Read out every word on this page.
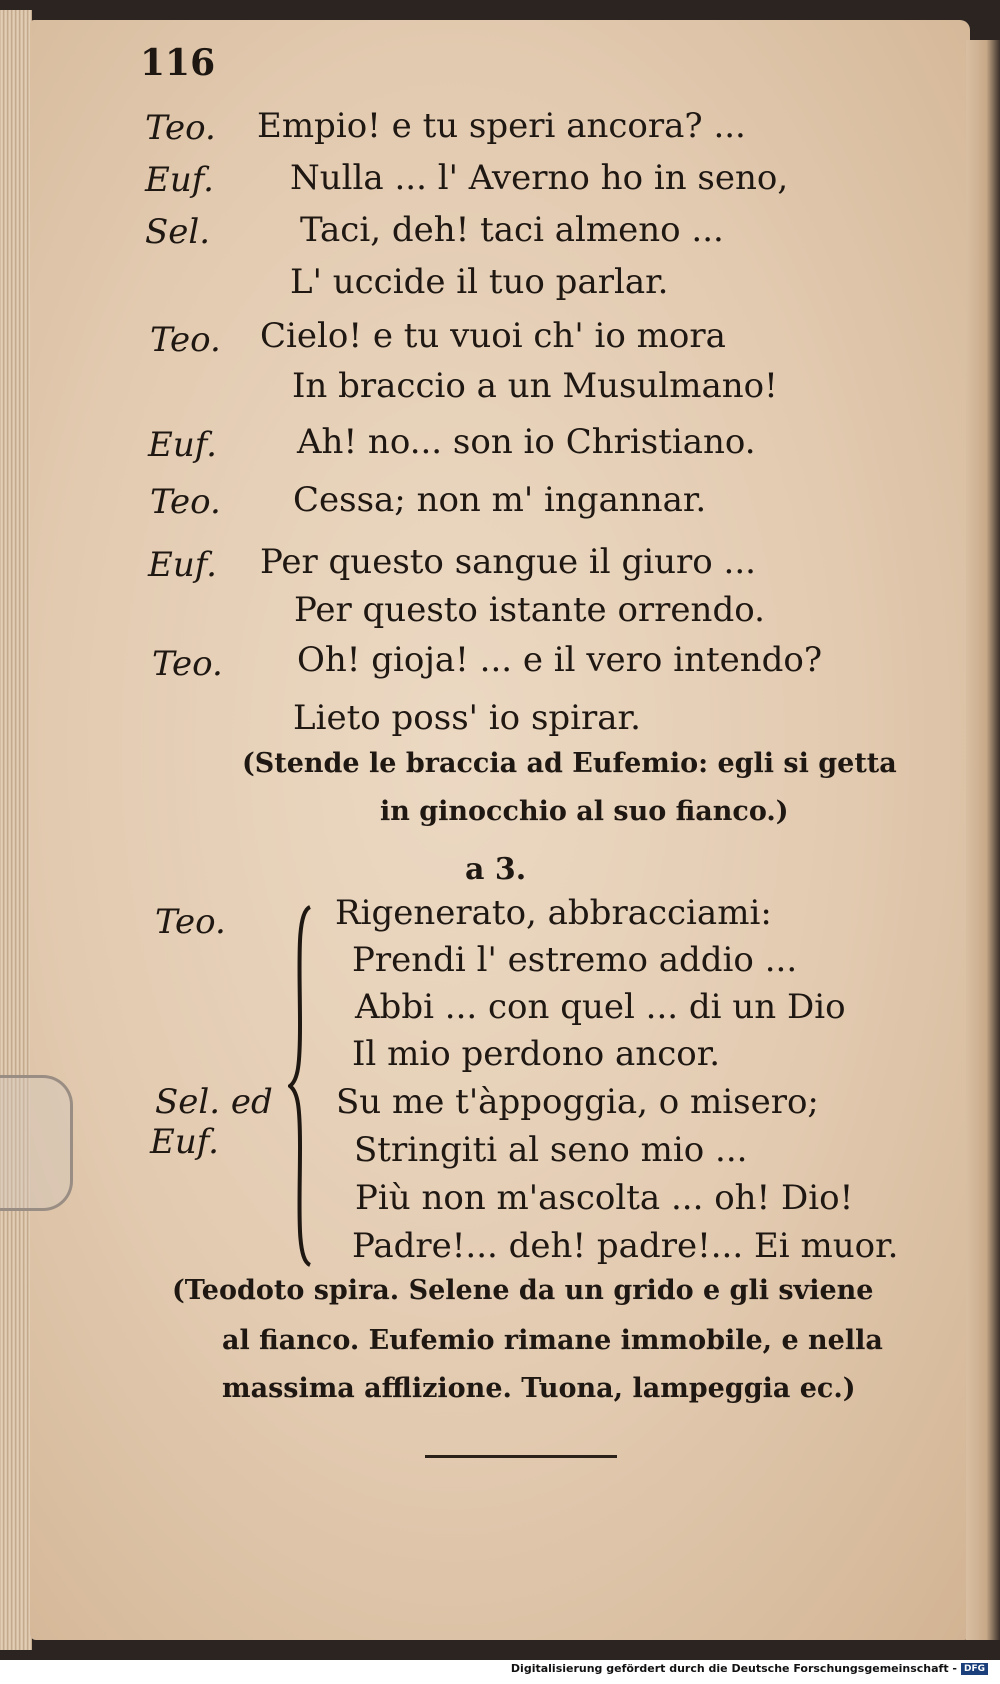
116
Teo. Empio! e tu speri ancora? ...
Euf. Nulla ... l' Averno ho in seno,
Sel.	Taci, deh! taci almeno ...
L' uccide il tuo parlar.
Teo. Cielo! e tu vuoi ch' io mora
In braccio a un Musulmano!
Euf. Ah! no... son io Christiano.
Teo. Cessa; non m' ingannar.
Euf. Per questo sangue il giuro ...
Per questo istante orrendo.
Teo. Oh! gioja! ... e il vero intendo?
Lieto poss' io spirar.
(Stende le braccia ad Eufemio: egli si getta
in ginocchio al suo fianco.)
a 3.
Teo.
Sel. ed
Euf.
Rigenerato, abbracciami:
Prendi l' estremo addio ...
Abbi ... con quel ... di un Dio
Il mio perdono ancor.
Su me t'àppoggia, o misero;
Stringiti al seno mio ...
Più non m'ascolta ... oh! Dio!
Padre!... deh! padre!... Ei muor.
(Teodoto spira. Selene da un grido e gli sviene
al fianco. Eufemio rimane immobile, e nella
massima afflizione. Tuona, lampeggia ec.)
Digitalisierung gefördert durch die Deutsche Forschungsgemeinschaft - DFG
